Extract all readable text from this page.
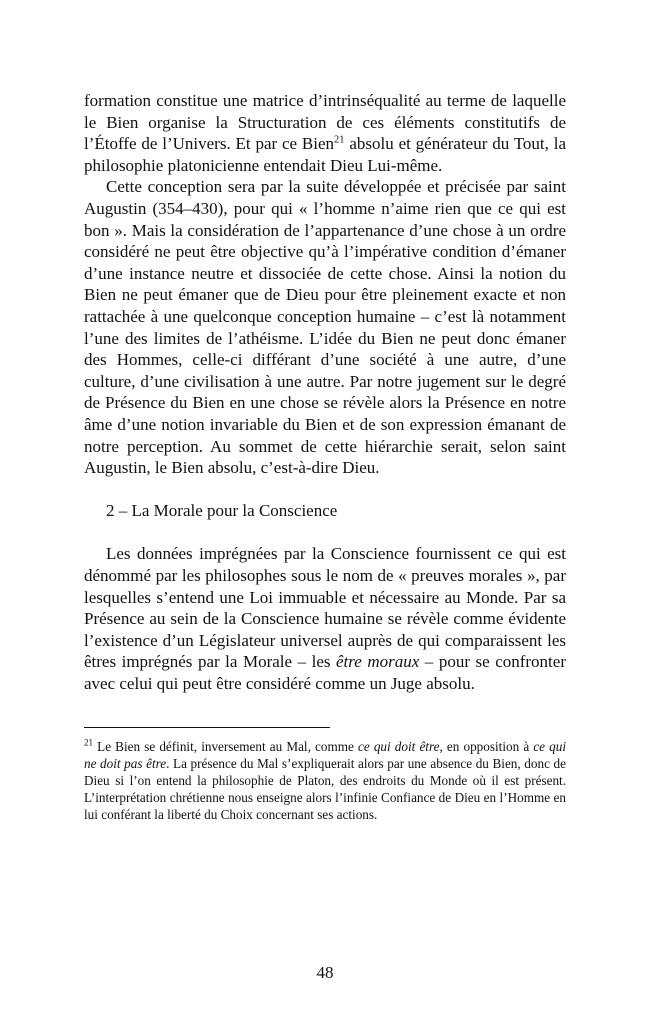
formation constitue une matrice d’intrinséqualité au terme de laquelle le Bien organise la Structuration de ces éléments constitutifs de l’Étoffe de l’Univers. Et par ce Bien$^{21}$ absolu et générateur du Tout, la philosophie platonicienne entendait Dieu Lui-même.

Cette conception sera par la suite développée et précisée par saint Augustin (354–430), pour qui « l’homme n’aime rien que ce qui est bon ». Mais la considération de l’appartenance d’une chose à un ordre considéré ne peut être objective qu’à l’impérative condition d’émaner d’une instance neutre et dissociée de cette chose. Ainsi la notion du Bien ne peut émaner que de Dieu pour être pleinement exacte et non rattachée à une quelconque conception humaine – c’est là notamment l’une des limites de l’athéisme. L’idée du Bien ne peut donc émaner des Hommes, celle-ci différant d’une société à une autre, d’une culture, d’une civilisation à une autre. Par notre jugement sur le degré de Présence du Bien en une chose se révèle alors la Présence en notre âme d’une notion invariable du Bien et de son expression émanant de notre perception. Au sommet de cette hiérarchie serait, selon saint Augustin, le Bien absolu, c’est-à-dire Dieu.

2 – La Morale pour la Conscience

Les données imprégnées par la Conscience fournissent ce qui est dénommé par les philosophes sous le nom de « preuves morales », par lesquelles s’entend une Loi immuable et nécessaire au Monde. Par sa Présence au sein de la Conscience humaine se révèle comme évidente l’existence d’un Législateur universel auprès de qui comparaissent les êtres imprégnés par la Morale – les être moraux – pour se confronter avec celui qui peut être considéré comme un Juge absolu.

$^{21}$ Le Bien se définit, inversement au Mal, comme ce qui doit être, en opposition à ce qui ne doit pas être. La présence du Mal s’expliquerait alors par une absence du Bien, donc de Dieu si l’on entend la philosophie de Platon, des endroits du Monde où il est présent. L’interprétation chrétienne nous enseigne alors l’infinie Confiance de Dieu en l’Homme en lui conférant la liberté du Choix concernant ses actions.

48
